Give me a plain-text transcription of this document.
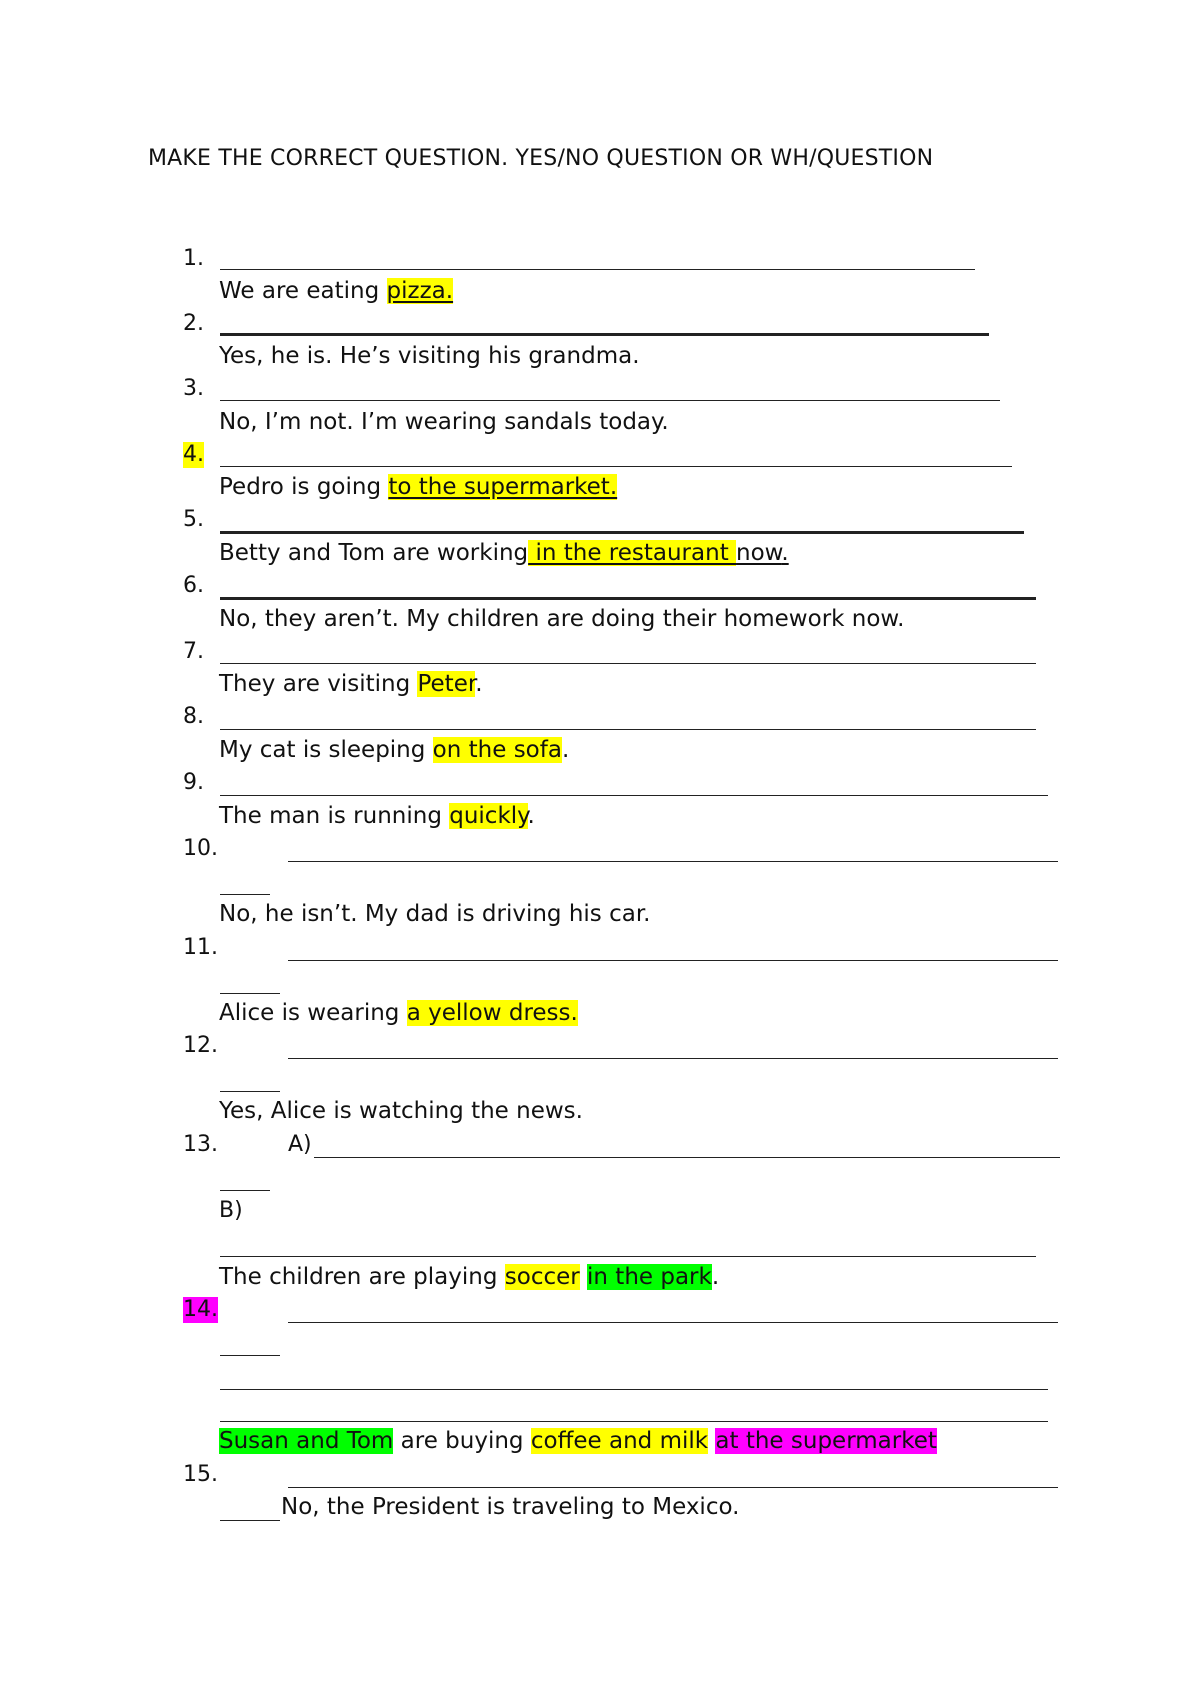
MAKE THE CORRECT QUESTION. YES/NO QUESTION OR WH/QUESTION
1.
We are eating pizza.
2.
Yes, he is. He’s visiting his grandma.
3.
No, I’m not. I’m wearing sandals today.
4.
Pedro is going to the supermarket.
5.
Betty and Tom are working in the restaurant now.
6.
No, they aren’t. My children are doing their homework now.
7.
They are visiting Peter.
8.
My cat is sleeping on the sofa.
9.
The man is running quickly.
10.
No, he isn’t. My dad is driving his car.
11.
Alice is wearing a yellow dress.
12.
Yes, Alice is watching the news.
13.	A)
B)
The children are playing soccer in the park.
14.
Susan and Tom are buying coffee and milk at the supermarket
15.
No, the President is traveling to Mexico.
